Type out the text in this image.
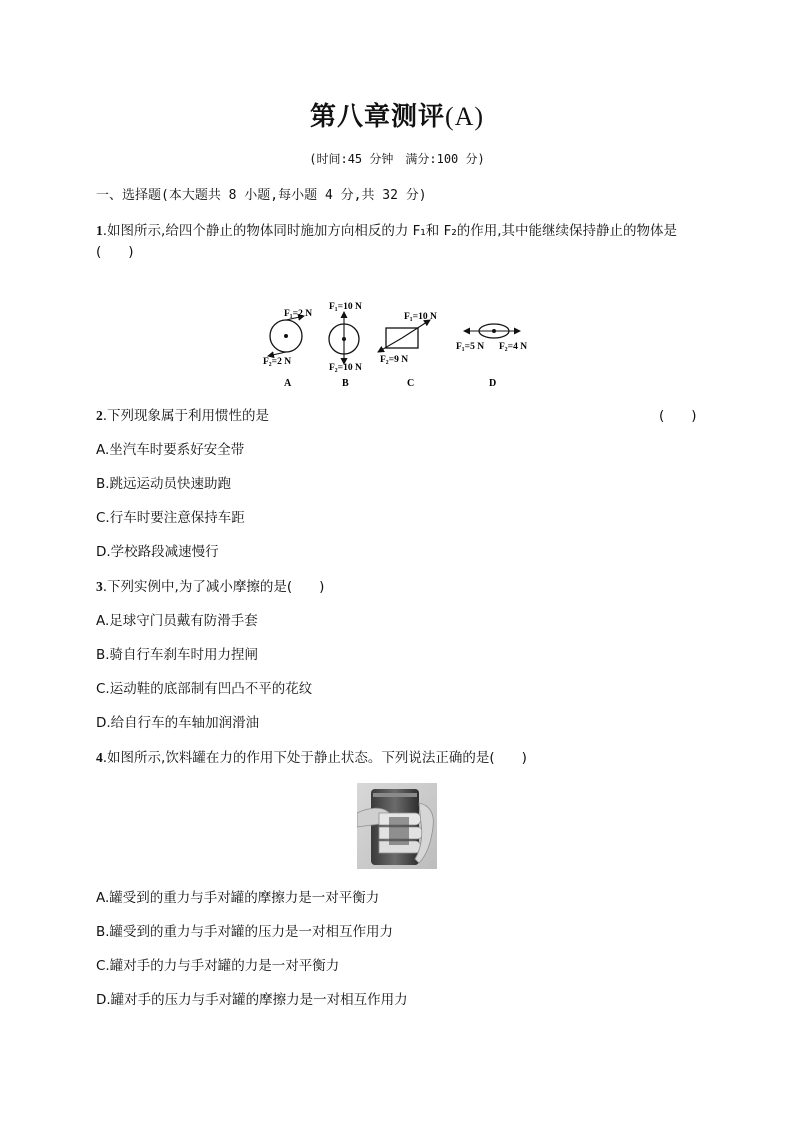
第八章测评(A)
(时间:45 分钟　满分:100 分)
一、选择题(本大题共 8 小题,每小题 4 分,共 32 分)
1.如图所示,给四个静止的物体同时施加方向相反的力 F₁和 F₂的作用,其中能继续保持静止的物体是
(　　)
F₁=2 N
F₂=2 N
A
F₁=10 N
F₂=10 N
B
F₁=10 N
F₂=9 N
C
F₁=5 N F₂=4 N
D
2.下列现象属于利用惯性的是	(　　)
A.坐汽车时要系好安全带
B.跳远运动员快速助跑
C.行车时要注意保持车距
D.学校路段减速慢行
3.下列实例中,为了减小摩擦的是(　　)
A.足球守门员戴有防滑手套
B.骑自行车刹车时用力捏闸
C.运动鞋的底部制有凹凸不平的花纹
D.给自行车的车轴加润滑油
4.如图所示,饮料罐在力的作用下处于静止状态。下列说法正确的是(　　)
A.罐受到的重力与手对罐的摩擦力是一对平衡力
B.罐受到的重力与手对罐的压力是一对相互作用力
C.罐对手的力与手对罐的力是一对平衡力
D.罐对手的压力与手对罐的摩擦力是一对相互作用力
